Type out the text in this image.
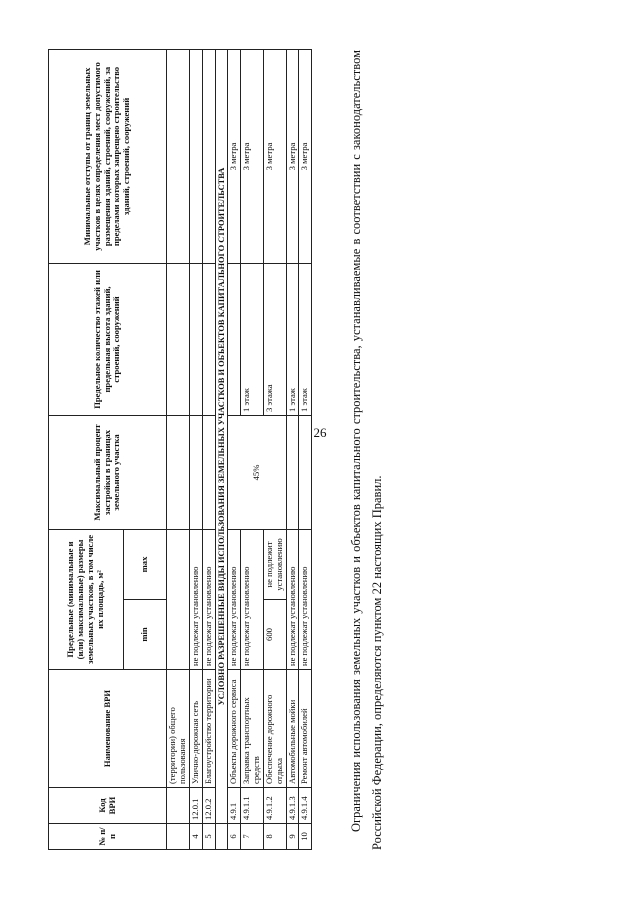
26
№ п/п	Код ВРИ	Наименование ВРИ	Предельные (минимальные и (или) максимальные) размеры земельных участков, в том числе их площадь, м²		Максимальный процент застройки в границах земельного участка	Предельное количество этажей или предельная высота зданий, строений, сооружений	Минимальные отступы от границ земельных участков в целях определения мест допустимого размещения зданий, строений, сооружений, за пределами которых запрещено строительство зданий, строений, сооружений
			min	max			
		(территории) общего пользования					
4	12.0.1	Улично-дорожная сеть	не подлежат установлению				
5	12.0.2	Благоустройство территории	не подлежат установлению				
	УСЛОВНО РАЗРЕШЕННЫЕ ВИДЫ ИСПОЛЬЗОВАНИЯ ЗЕМЕЛЬНЫХ УЧАСТКОВ И ОБЪЕКТОВ КАПИТАЛЬНОГО СТРОИТЕЛЬСТВА						
6	4.9.1	Объекты дорожного сервиса	не подлежат установлению		45%		3 метра
7	4.9.1.1	Заправка транспортных средств	не подлежат установлению			1 этаж	3 метра
8	4.9.1.2	Обеспечение дорожного отдыха	600	не подлежит установлению		3 этажа	3 метра
9	4.9.1.3	Автомобильные мойки	не подлежат установлению			1 этаж	3 метра
10	4.9.1.4	Ремонт автомобилей	не подлежат установлению			1 этаж	3 метра	Ограничения использования земельных участков и объектов капитального строительства, устанавливаемые в соответствии с законодательством Российской Федерации, определяются пунктом 22 настоящих Правил.
